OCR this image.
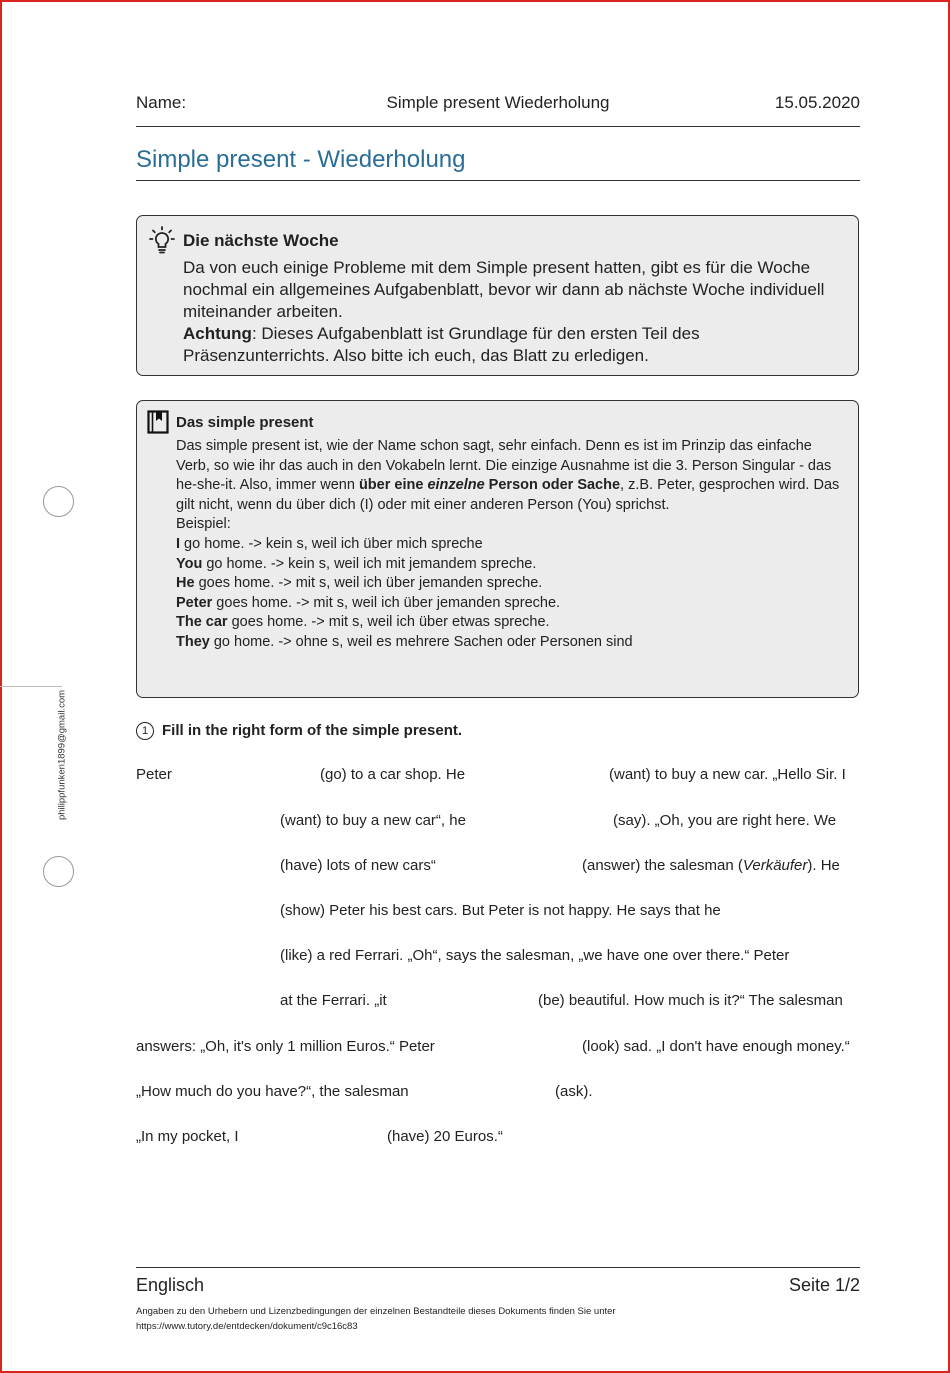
Name:	Simple present Wiederholung	15.05.2020
Simple present - Wiederholung
Die nächste Woche
Da von euch einige Probleme mit dem Simple present hatten, gibt es für die Woche
nochmal ein allgemeines Aufgabenblatt, bevor wir dann ab nächste Woche individuell
miteinander arbeiten.
Achtung: Dieses Aufgabenblatt ist Grundlage für den ersten Teil des
Präsenzunterrichts. Also bitte ich euch, das Blatt zu erledigen.
Das simple present
Das simple present ist, wie der Name schon sagt, sehr einfach. Denn es ist im Prinzip das einfache
Verb, so wie ihr das auch in den Vokabeln lernt. Die einzige Ausnahme ist die 3. Person Singular - das
he-she-it. Also, immer wenn über eine einzelne Person oder Sache, z.B. Peter, gesprochen wird. Das
gilt nicht, wenn du über dich (I) oder mit einer anderen Person (You) sprichst.
Beispiel:
I go home. -> kein s, weil ich über mich spreche
You go home. -> kein s, weil ich mit jemandem spreche.
He goes home. -> mit s, weil ich über jemanden spreche.
Peter goes home. -> mit s, weil ich über jemanden spreche.
The car goes home. -> mit s, weil ich über etwas spreche.
They go home. -> ohne s, weil es mehrere Sachen oder Personen sind
philippfunken1899@gmail.com	1 Fill in the right form of the simple present.
Peter	(go) to a car shop. He	(want) to buy a new car. „Hello Sir. I
(want) to buy a new car“, he	(say). „Oh, you are right here. We
(have) lots of new cars“	(answer) the salesman (Verkäufer). He
(show) Peter his best cars. But Peter is not happy. He says that he
(like) a red Ferrari. „Oh“, says the salesman, „we have one over there.“ Peter
at the Ferrari. „it	(be) beautiful. How much is it?“ The salesman
answers: „Oh, it's only 1 million Euros.“ Peter	(look) sad. „I don't have enough money.“
„How much do you have?“, the salesman	(ask).
„In my pocket, I	(have) 20 Euros.“
Englisch	Seite 1/2
Angaben zu den Urhebern und Lizenzbedingungen der einzelnen Bestandteile dieses Dokuments finden Sie unter
https://www.tutory.de/entdecken/dokument/c9c16c83
